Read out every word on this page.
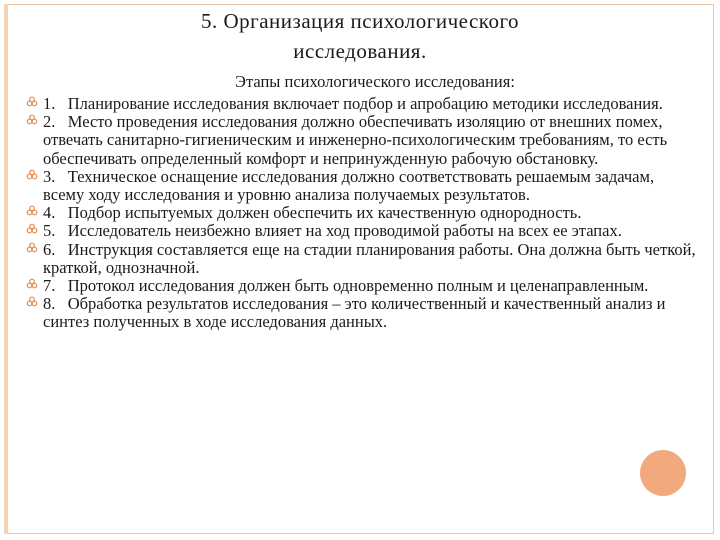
5. Организация психологического
исследования.
Этапы психологического исследования:
1.   Планирование исследования включает подбор и апробацию методики исследования.
2.   Место проведения исследования должно обеспечивать изоляцию от внешних помех, отвечать санитарно-гигиеническим и инженерно-психологическим требованиям, то есть обеспечивать определенный комфорт и непринужденную рабочую обстановку.
3.   Техническое оснащение исследования должно соответствовать решаемым задачам, всему ходу исследования и уровню анализа получаемых результатов.
4.   Подбор испытуемых должен обеспечить их качественную однородность.
5.   Исследователь неизбежно влияет на ход проводимой работы на всех ее этапах.
6.   Инструкция составляется еще на стадии планирования работы. Она должна быть четкой, краткой, однозначной.
7.   Протокол исследования должен быть одновременно полным и целенаправленным.
8.   Обработка результатов исследования – это количественный и качественный анализ и синтез полученных в ходе исследования данных.
